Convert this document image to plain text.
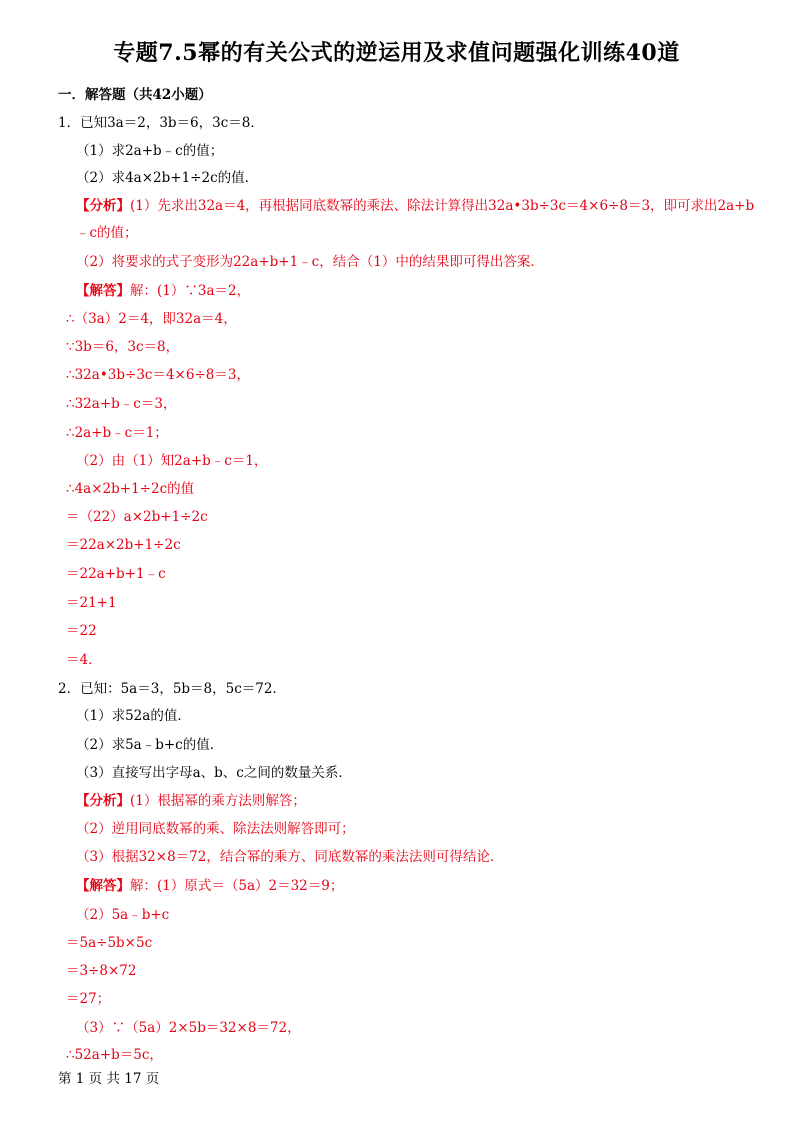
专题7.5幂的有关公式的逆运用及求值问题强化训练40道
一．解答题（共42小题）
1．已知3a＝2，3b＝6，3c＝8．
（1）求2a+b﹣c的值；
（2）求4a×2b+1÷2c的值．
【分析】(1）先求出32a＝4，再根据同底数幂的乘法、除法计算得出32a•3b÷3c＝4×6÷8＝3，即可求出2a+b
﹣c的值；
（2）将要求的式子变形为22a+b+1﹣c，结合（1）中的结果即可得出答案．
【解答】解：(1）∵3a＝2，
∴（3a）2＝4，即32a＝4，
∵3b＝6，3c＝8，
∴32a•3b÷3c＝4×6÷8＝3，
∴32a+b﹣c＝3，
∴2a+b﹣c＝1；
（2）由（1）知2a+b﹣c＝1，
∴4a×2b+1÷2c的值
＝（22）a×2b+1÷2c
＝22a×2b+1÷2c
＝22a+b+1﹣c
＝21+1
＝22
＝4．
2．已知：5a＝3，5b＝8，5c＝72．
（1）求52a的值．
（2）求5a﹣b+c的值．
（3）直接写出字母a、b、c之间的数量关系．
【分析】(1）根据幂的乘方法则解答；
（2）逆用同底数幂的乘、除法法则解答即可；
（3）根据32×8＝72，结合幂的乘方、同底数幂的乘法法则可得结论．
【解答】解：(1）原式＝（5a）2＝32＝9；
（2）5a﹣b+c
＝5a÷5b×5c
＝3÷8×72
＝27；
（3）∵（5a）2×5b＝32×8＝72，
∴52a+b＝5c，
第 1 页 共 17 页
